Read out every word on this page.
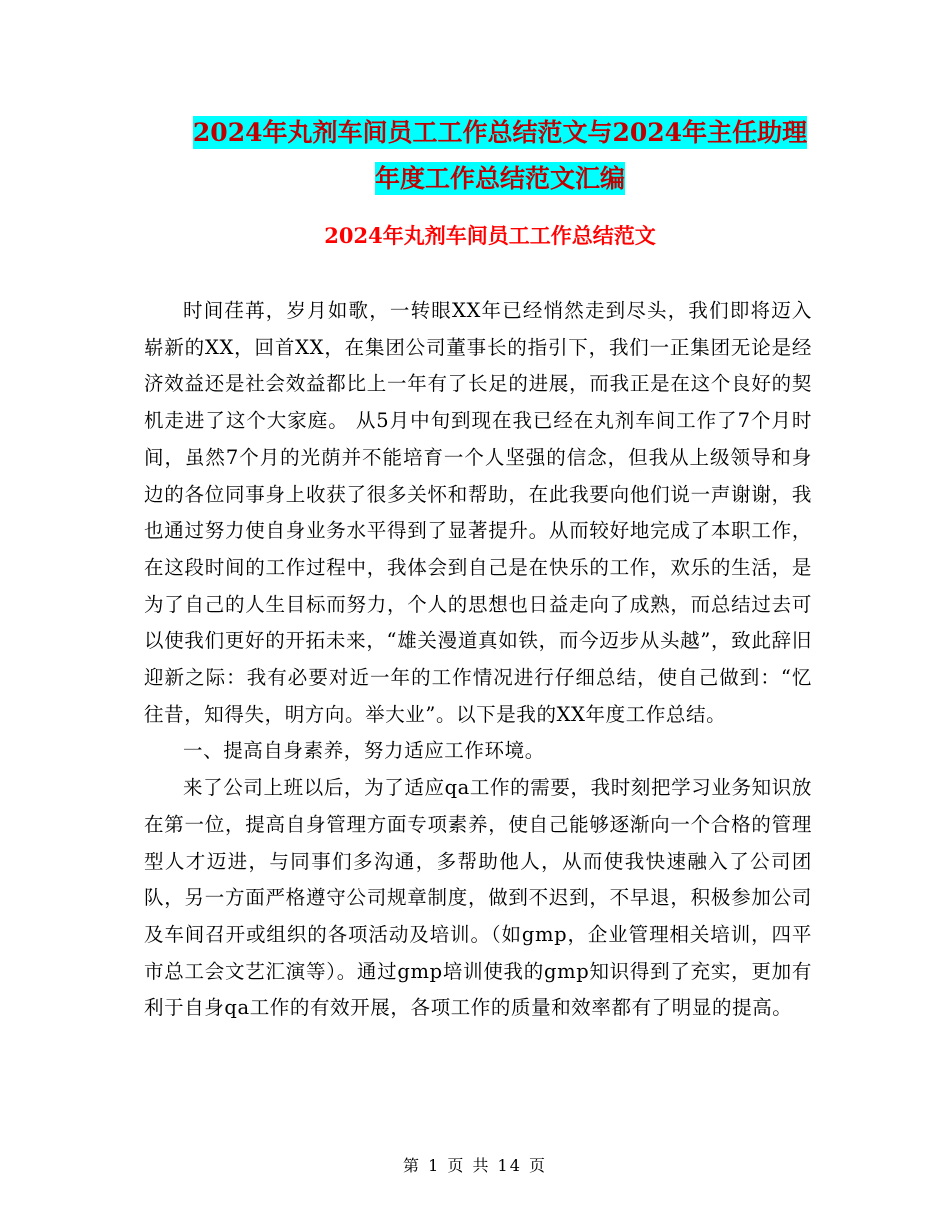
2024年丸剂车间员工工作总结范文与2024年主任助理
年度工作总结范文汇编
2024年丸剂车间员工工作总结范文

时间荏苒，岁月如歌，一转眼XX年已经悄然走到尽头，我们即将迈入崭新的XX，回首XX，在集团公司董事长的指引下，我们一正集团无论是经济效益还是社会效益都比上一年有了长足的进展，而我正是在这个良好的契机走进了这个大家庭。 从5月中旬到现在我已经在丸剂车间工作了7个月时间，虽然7个月的光荫并不能培育一个人坚强的信念，但我从上级领导和身边的各位同事身上收获了很多关怀和帮助，在此我要向他们说一声谢谢，我也通过努力使自身业务水平得到了显著提升。从而较好地完成了本职工作，在这段时间的工作过程中，我体会到自己是在快乐的工作，欢乐的生活，是为了自己的人生目标而努力，个人的思想也日益走向了成熟，而总结过去可以使我们更好的开拓未来，“雄关漫道真如铁，而今迈步从头越”，致此辞旧迎新之际：我有必要对近一年的工作情况进行仔细总结，使自己做到：“忆往昔，知得失，明方向。举大业”。以下是我的XX年度工作总结。

一、提高自身素养，努力适应工作环境。

来了公司上班以后，为了适应qa工作的需要，我时刻把学习业务知识放在第一位，提高自身管理方面专项素养，使自己能够逐渐向一个合格的管理型人才迈进，与同事们多沟通，多帮助他人，从而使我快速融入了公司团队，另一方面严格遵守公司规章制度，做到不迟到，不早退，积极参加公司及车间召开或组织的各项活动及培训。（如gmp，企业管理相关培训，四平市总工会文艺汇演等）。通过gmp培训使我的gmp知识得到了充实，更加有利于自身qa工作的有效开展，各项工作的质量和效率都有了明显的提高。

第 1 页 共 14 页
